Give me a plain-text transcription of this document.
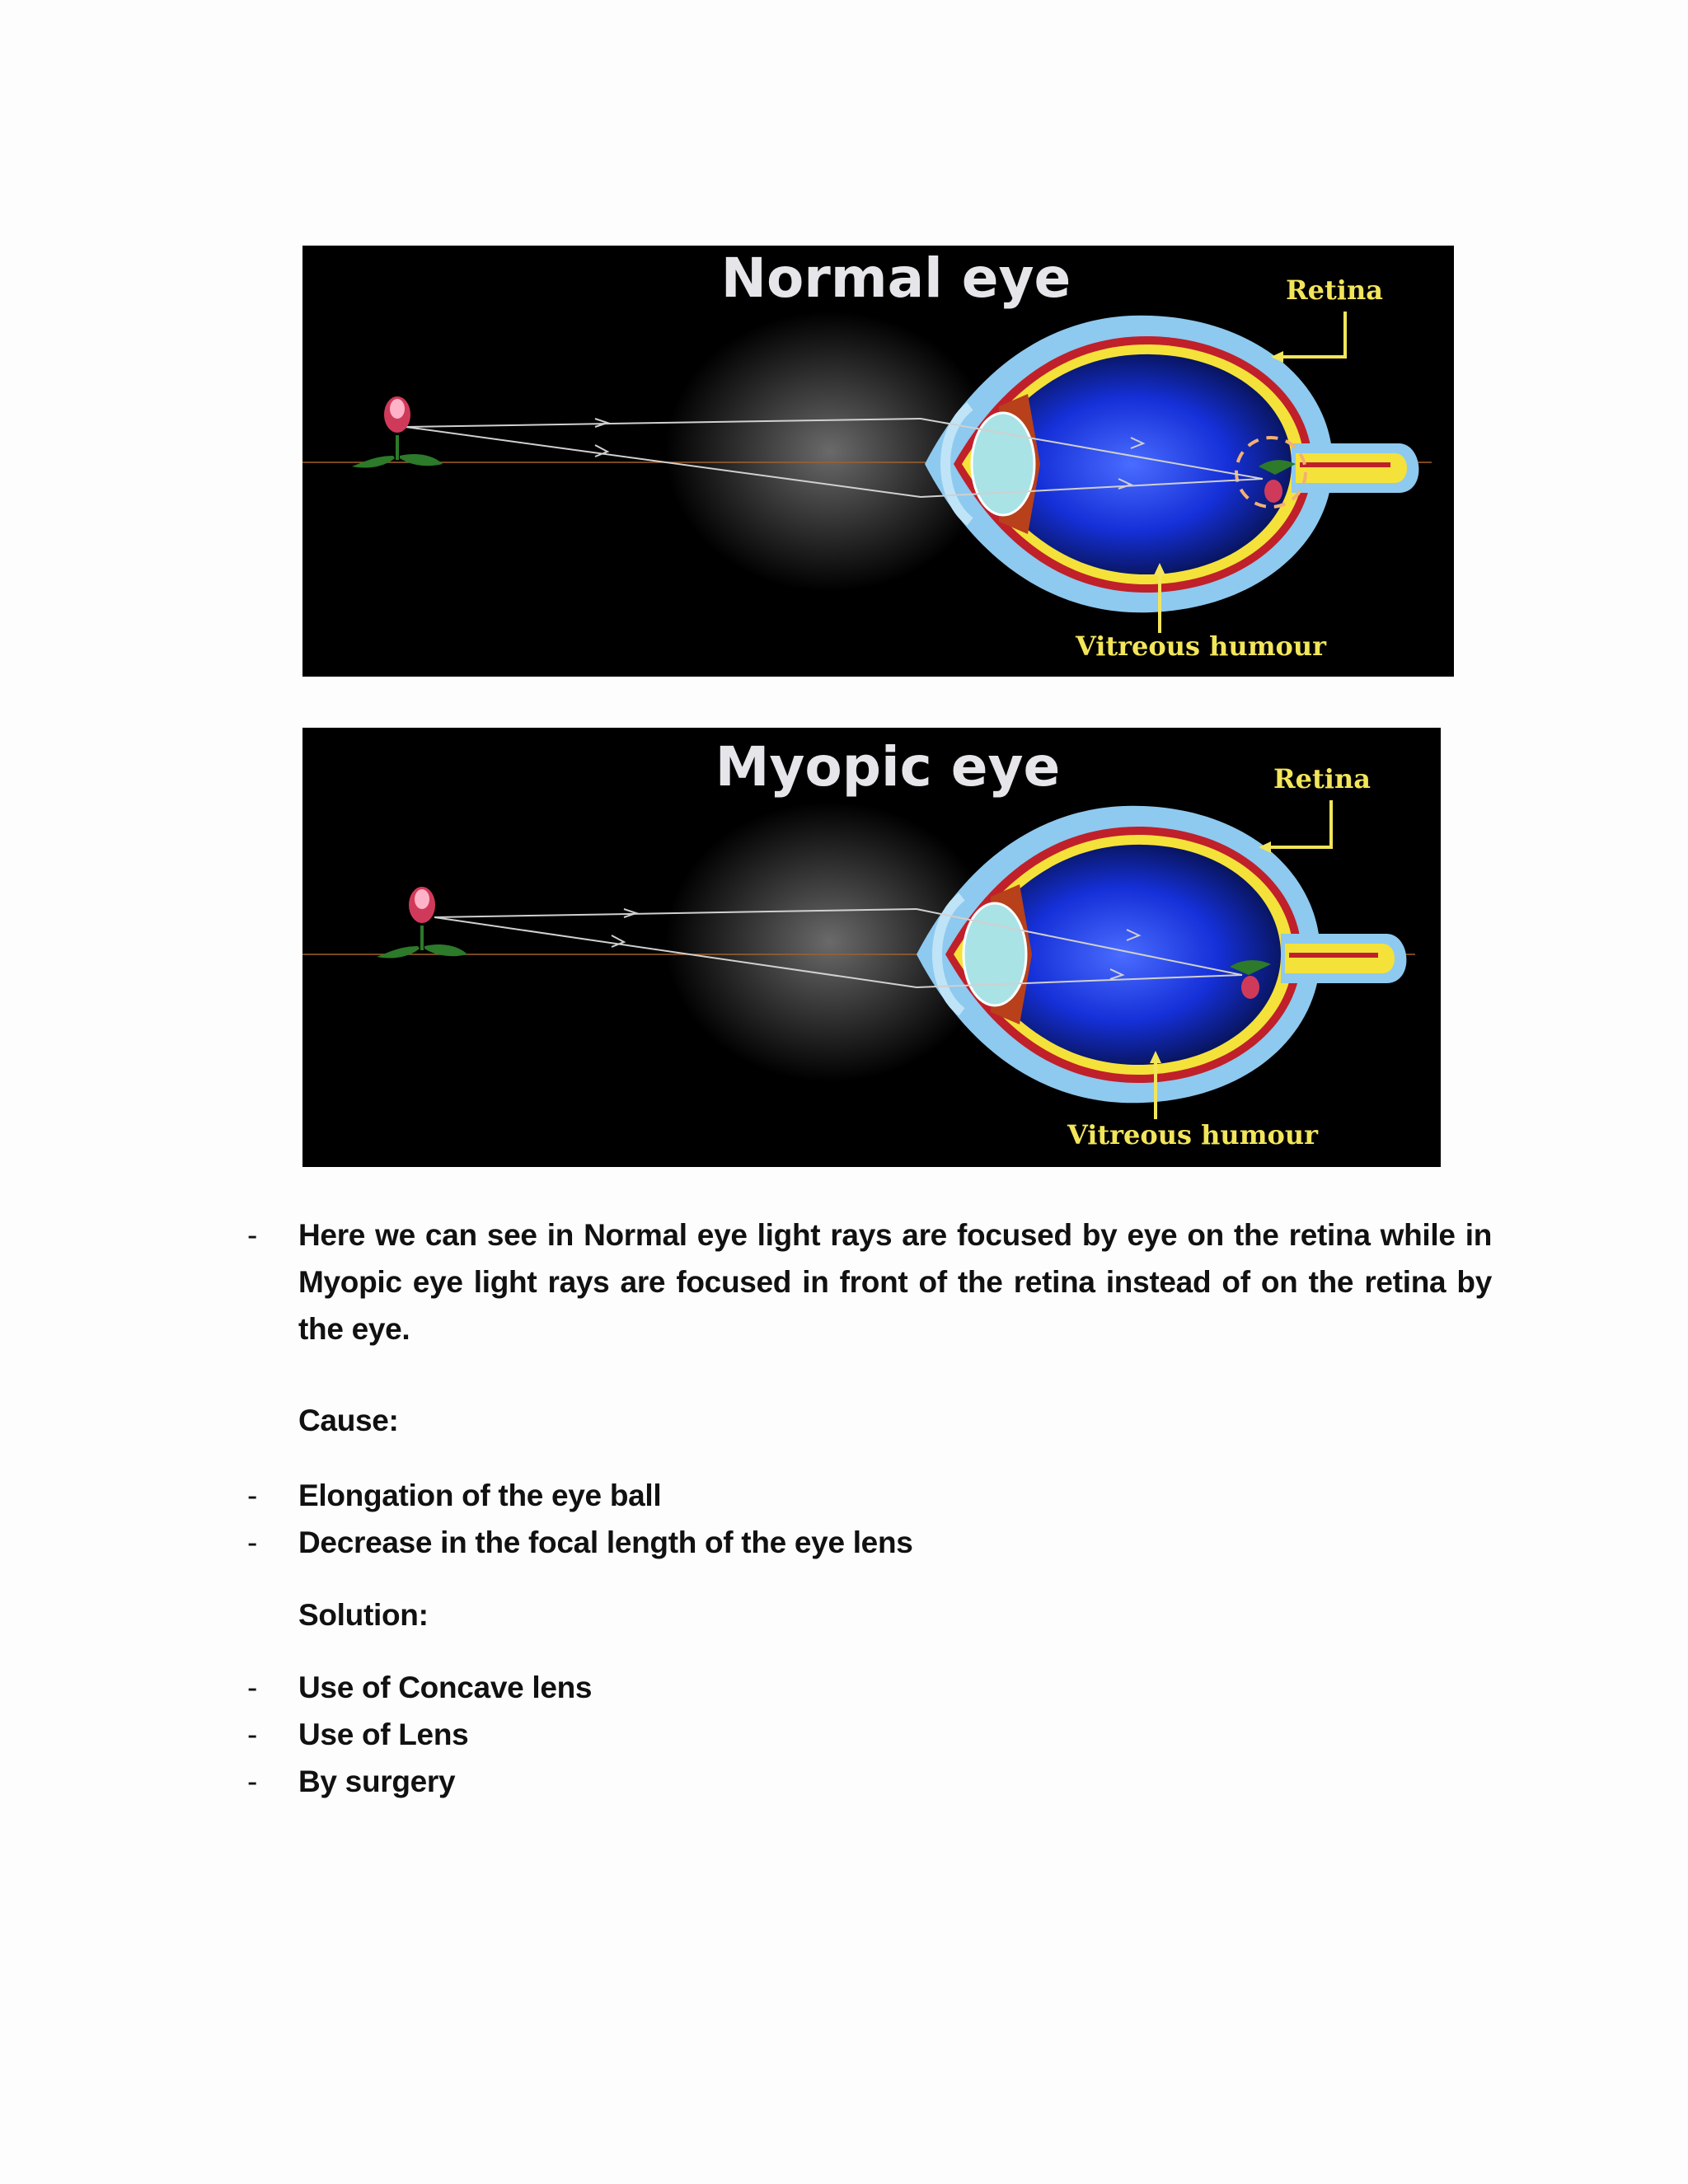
Normal eye	Retina
Vitreous humour
Myopic eye	Retina
Vitreous humour
-	Here we can see in Normal eye light rays are focused by eye on the retina while in Myopic eye light rays are focused in front of the retina instead of on the retina by the eye.
Cause:
-	Elongation of the eye ball
-	Decrease in the focal length of the eye lens
Solution:
-	Use of Concave lens
-	Use of Lens
-	By surgery
